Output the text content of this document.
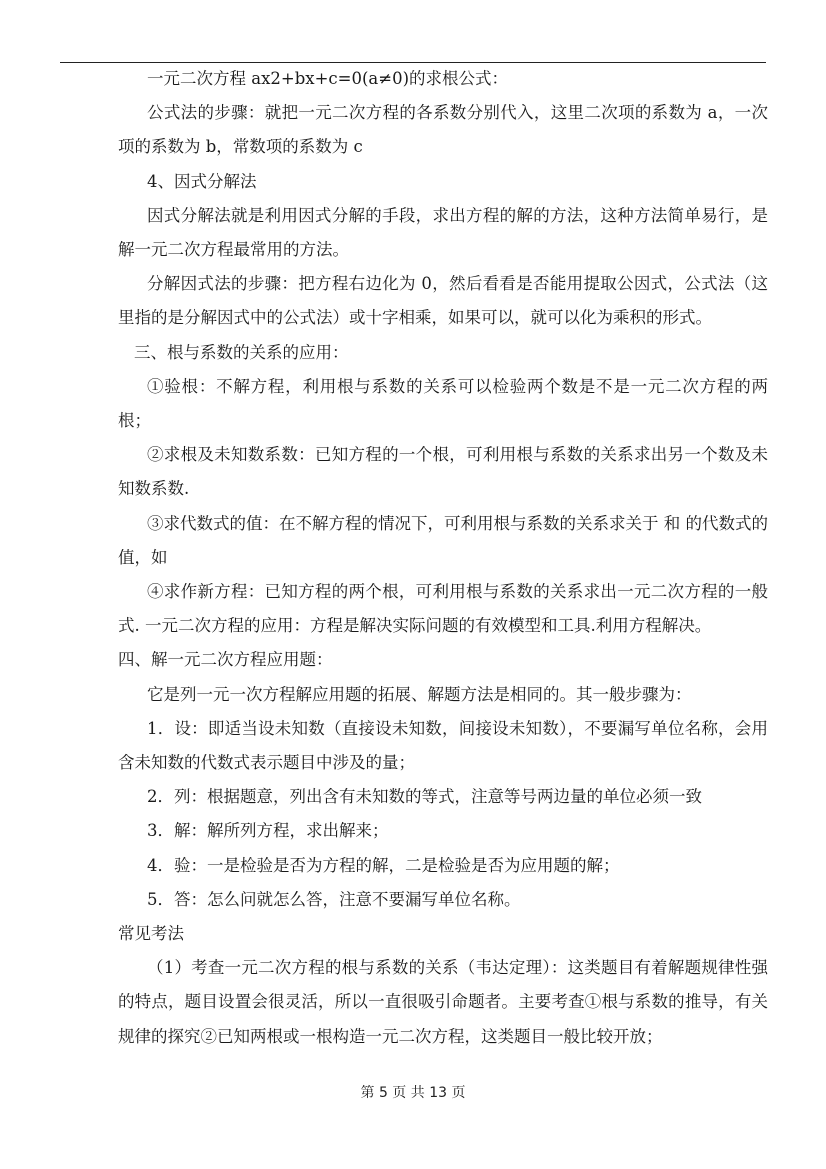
一元二次方程 ax2+bx+c=0(a≠0)的求根公式：

公式法的步骤：就把一元二次方程的各系数分别代入，这里二次项的系数为 a，一次项的系数为 b，常数项的系数为 c

4、因式分解法

因式分解法就是利用因式分解的手段，求出方程的解的方法，这种方法简单易行，是解一元二次方程最常用的方法。

分解因式法的步骤：把方程右边化为 0，然后看看是否能用提取公因式，公式法（这里指的是分解因式中的公式法）或十字相乘，如果可以，就可以化为乘积的形式。

三、根与系数的关系的应用：

①验根：不解方程，利用根与系数的关系可以检验两个数是不是一元二次方程的两根；

②求根及未知数系数：已知方程的一个根，可利用根与系数的关系求出另一个数及未知数系数.

③求代数式的值：在不解方程的情况下，可利用根与系数的关系求关于 和 的代数式的值，如

④求作新方程：已知方程的两个根，可利用根与系数的关系求出一元二次方程的一般式. 一元二次方程的应用：方程是解决实际问题的有效模型和工具.利用方程解决。

四、解一元二次方程应用题：

它是列一元一次方程解应用题的拓展、解题方法是相同的。其一般步骤为：

1．设：即适当设未知数（直接设未知数，间接设未知数），不要漏写单位名称，会用含未知数的代数式表示题目中涉及的量；

2．列：根据题意，列出含有未知数的等式，注意等号两边量的单位必须一致

3．解：解所列方程，求出解来；

4．验：一是检验是否为方程的解，二是检验是否为应用题的解；

5．答：怎么问就怎么答，注意不要漏写单位名称。

常见考法

（1）考查一元二次方程的根与系数的关系（韦达定理）：这类题目有着解题规律性强的特点，题目设置会很灵活，所以一直很吸引命题者。主要考查①根与系数的推导，有关规律的探究②已知两根或一根构造一元二次方程，这类题目一般比较开放；

第 5 页 共 13 页
